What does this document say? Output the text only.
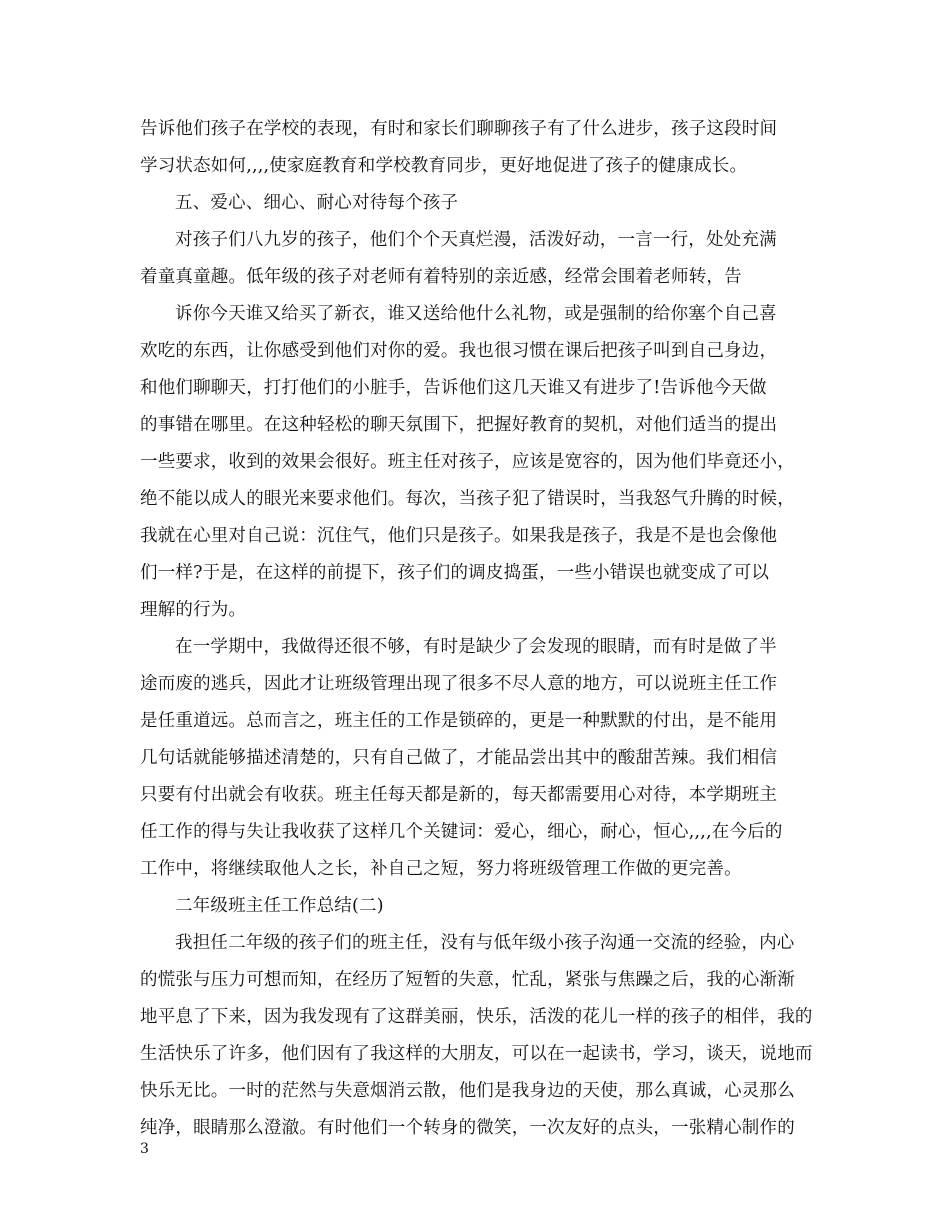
告诉他们孩子在学校的表现，有时和家长们聊聊孩子有了什么进步，孩子这段时间
学习状态如何,,,,使家庭教育和学校教育同步，更好地促进了孩子的健康成长。
五、爱心、细心、耐心对待每个孩子
对孩子们八九岁的孩子，他们个个天真烂漫，活泼好动，一言一行，处处充满
着童真童趣。低年级的孩子对老师有着特别的亲近感，经常会围着老师转，告
诉你今天谁又给买了新衣，谁又送给他什么礼物，或是强制的给你塞个自己喜
欢吃的东西，让你感受到他们对你的爱。我也很习惯在课后把孩子叫到自己身边，
和他们聊聊天，打打他们的小脏手，告诉他们这几天谁又有进步了!告诉他今天做
的事错在哪里。在这种轻松的聊天氛围下，把握好教育的契机，对他们适当的提出
一些要求，收到的效果会很好。班主任对孩子，应该是宽容的，因为他们毕竟还小，
绝不能以成人的眼光来要求他们。每次，当孩子犯了错误时，当我怒气升腾的时候，
我就在心里对自己说：沉住气，他们只是孩子。如果我是孩子，我是不是也会像他
们一样?于是，在这样的前提下，孩子们的调皮捣蛋，一些小错误也就变成了可以
理解的行为。
在一学期中，我做得还很不够，有时是缺少了会发现的眼睛，而有时是做了半
途而废的逃兵，因此才让班级管理出现了很多不尽人意的地方，可以说班主任工作
是任重道远。总而言之，班主任的工作是锁碎的，更是一种默默的付出，是不能用
几句话就能够描述清楚的，只有自己做了，才能品尝出其中的酸甜苦辣。我们相信
只要有付出就会有收获。班主任每天都是新的，每天都需要用心对待，本学期班主
任工作的得与失让我收获了这样几个关键词：爱心，细心，耐心，恒心,,,,在今后的
工作中，将继续取他人之长，补自己之短，努力将班级管理工作做的更完善。
二年级班主任工作总结(二)
我担任二年级的孩子们的班主任，没有与低年级小孩子沟通一交流的经验，内心
的慌张与压力可想而知，在经历了短暂的失意，忙乱，紧张与焦躁之后，我的心渐渐
地平息了下来，因为我发现有了这群美丽，快乐，活泼的花儿一样的孩子的相伴，我的
生活快乐了许多，他们因有了我这样的大朋友，可以在一起读书，学习，谈天，说地而
快乐无比。一时的茫然与失意烟消云散，他们是我身边的天使，那么真诚，心灵那么
纯净，眼睛那么澄澈。有时他们一个转身的微笑，一次友好的点头，一张精心制作的
3
